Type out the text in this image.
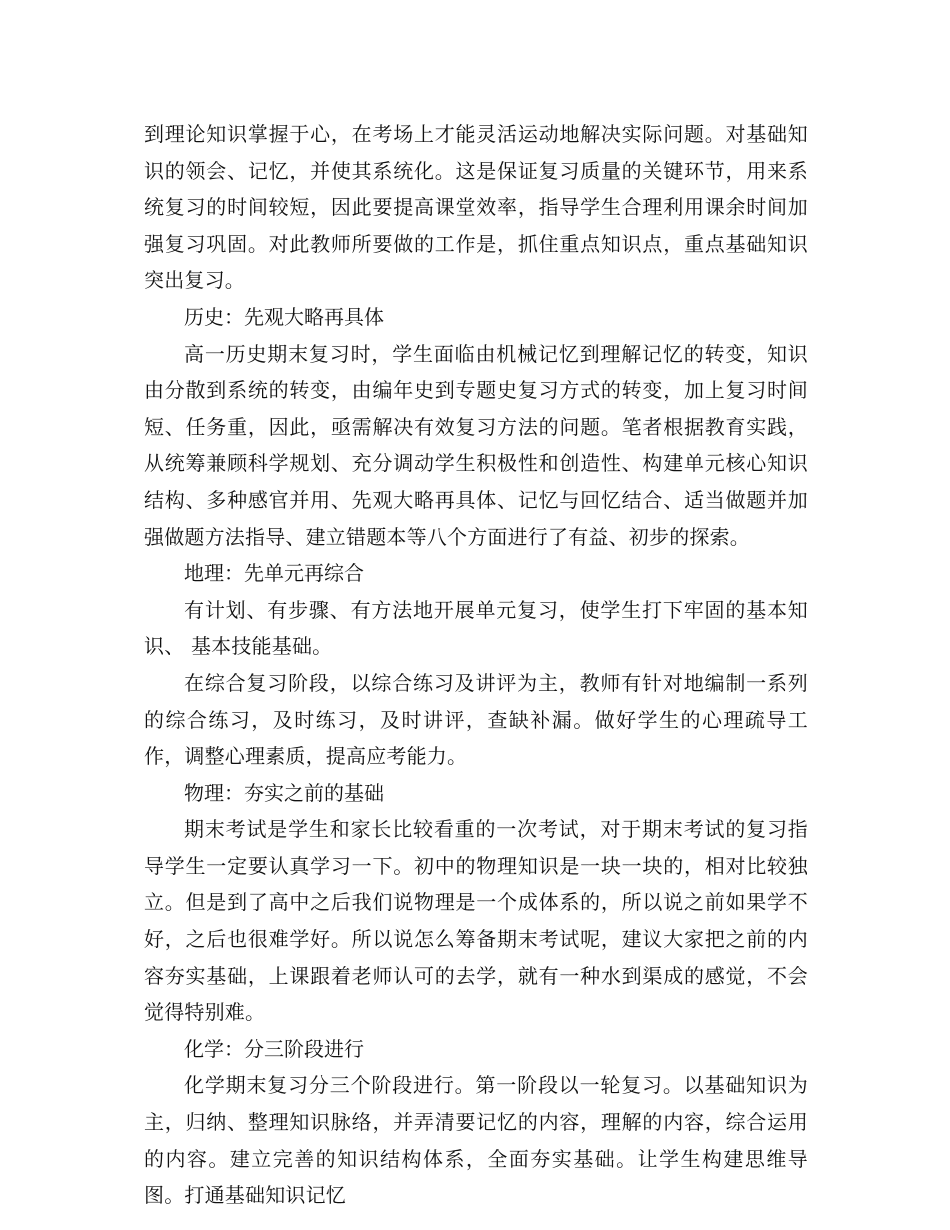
到理论知识掌握于心，在考场上才能灵活运动地解决实际问题。对基础知识的领会、记忆，并使其系统化。这是保证复习质量的关键环节，用来系统复习的时间较短，因此要提高课堂效率，指导学生合理利用课余时间加强复习巩固。对此教师所要做的工作是，抓住重点知识点，重点基础知识突出复习。

历史：先观大略再具体

高一历史期末复习时，学生面临由机械记忆到理解记忆的转变，知识由分散到系统的转变，由编年史到专题史复习方式的转变，加上复习时间短、任务重，因此，亟需解决有效复习方法的问题。笔者根据教育实践，从统筹兼顾科学规划、充分调动学生积极性和创造性、构建单元核心知识结构、多种感官并用、先观大略再具体、记忆与回忆结合、适当做题并加强做题方法指导、建立错题本等八个方面进行了有益、初步的探索。

地理：先单元再综合

有计划、有步骤、有方法地开展单元复习，使学生打下牢固的基本知识、 基本技能基础。

在综合复习阶段，以综合练习及讲评为主，教师有针对地编制一系列的综合练习，及时练习，及时讲评，查缺补漏。做好学生的心理疏导工作，调整心理素质，提高应考能力。

物理：夯实之前的基础

期末考试是学生和家长比较看重的一次考试，对于期末考试的复习指导学生一定要认真学习一下。初中的物理知识是一块一块的，相对比较独立。但是到了高中之后我们说物理是一个成体系的，所以说之前如果学不好，之后也很难学好。所以说怎么筹备期末考试呢，建议大家把之前的内容夯实基础，上课跟着老师认可的去学，就有一种水到渠成的感觉，不会觉得特别难。

化学：分三阶段进行

化学期末复习分三个阶段进行。第一阶段以一轮复习。以基础知识为主，归纳、整理知识脉络，并弄清要记忆的内容，理解的内容，综合运用的内容。建立完善的知识结构体系，全面夯实基础。让学生构建思维导图。打通基础知识记忆
